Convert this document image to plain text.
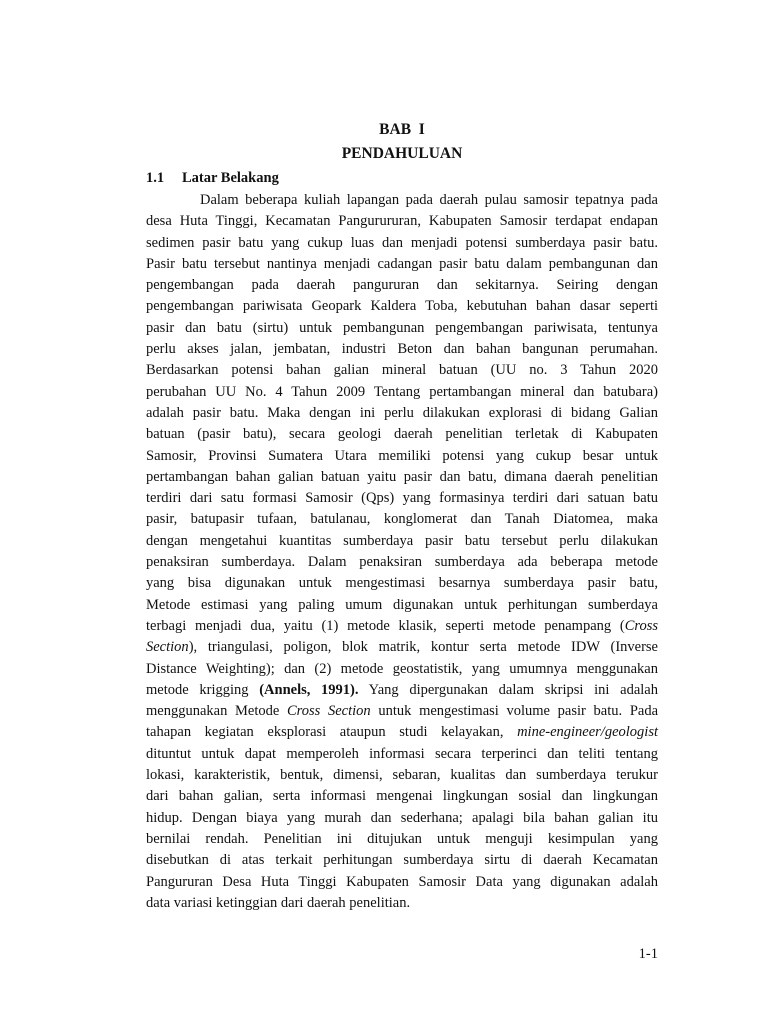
BAB  I
PENDAHULUAN
1.1 Latar Belakang
Dalam beberapa kuliah lapangan pada daerah pulau samosir tepatnya pada
desa Huta Tinggi, Kecamatan Pangurururan, Kabupaten Samosir terdapat endapan
sedimen pasir batu yang cukup luas dan menjadi potensi sumberdaya pasir batu.
Pasir batu tersebut nantinya menjadi cadangan pasir batu dalam pembangunan dan
pengembangan pada daerah pangururan dan sekitarnya. Seiring dengan
pengembangan pariwisata Geopark Kaldera Toba, kebutuhan bahan dasar seperti
pasir dan batu (sirtu) untuk pembangunan pengembangan pariwisata, tentunya
perlu akses jalan, jembatan, industri Beton dan bahan bangunan perumahan.
Berdasarkan potensi bahan galian mineral batuan (UU no. 3 Tahun 2020
perubahan UU No. 4 Tahun 2009 Tentang pertambangan mineral dan batubara)
adalah pasir batu. Maka dengan ini perlu dilakukan explorasi di bidang Galian
batuan (pasir batu), secara geologi daerah penelitian terletak di Kabupaten
Samosir, Provinsi Sumatera Utara memiliki potensi yang cukup besar untuk
pertambangan bahan galian batuan yaitu pasir dan batu, dimana daerah penelitian
terdiri dari satu formasi Samosir (Qps) yang formasinya terdiri dari satuan batu
pasir, batupasir tufaan, batulanau, konglomerat dan Tanah Diatomea, maka
dengan mengetahui kuantitas sumberdaya pasir batu tersebut perlu dilakukan
penaksiran sumberdaya. Dalam penaksiran sumberdaya ada beberapa metode
yang bisa digunakan untuk mengestimasi besarnya sumberdaya pasir batu,
Metode estimasi yang paling umum digunakan untuk perhitungan sumberdaya
terbagi menjadi dua, yaitu (1) metode klasik, seperti metode penampang (Cross
Section), triangulasi, poligon, blok matrik, kontur serta metode IDW (Inverse
Distance Weighting); dan (2) metode geostatistik, yang umumnya menggunakan
metode krigging (Annels, 1991). Yang dipergunakan dalam skripsi ini adalah
menggunakan Metode Cross Section untuk mengestimasi volume pasir batu. Pada
tahapan kegiatan eksplorasi ataupun studi kelayakan, mine-engineer/geologist
dituntut untuk dapat memperoleh informasi secara terperinci dan teliti tentang
lokasi, karakteristik, bentuk, dimensi, sebaran, kualitas dan sumberdaya terukur
dari bahan galian, serta informasi mengenai lingkungan sosial dan lingkungan
hidup. Dengan biaya yang murah dan sederhana; apalagi bila bahan galian itu
bernilai rendah. Penelitian ini ditujukan untuk menguji kesimpulan yang
disebutkan di atas terkait perhitungan sumberdaya sirtu di daerah Kecamatan
Pangururan Desa Huta Tinggi Kabupaten Samosir Data yang digunakan adalah
data variasi ketinggian dari daerah penelitian.
1-1
